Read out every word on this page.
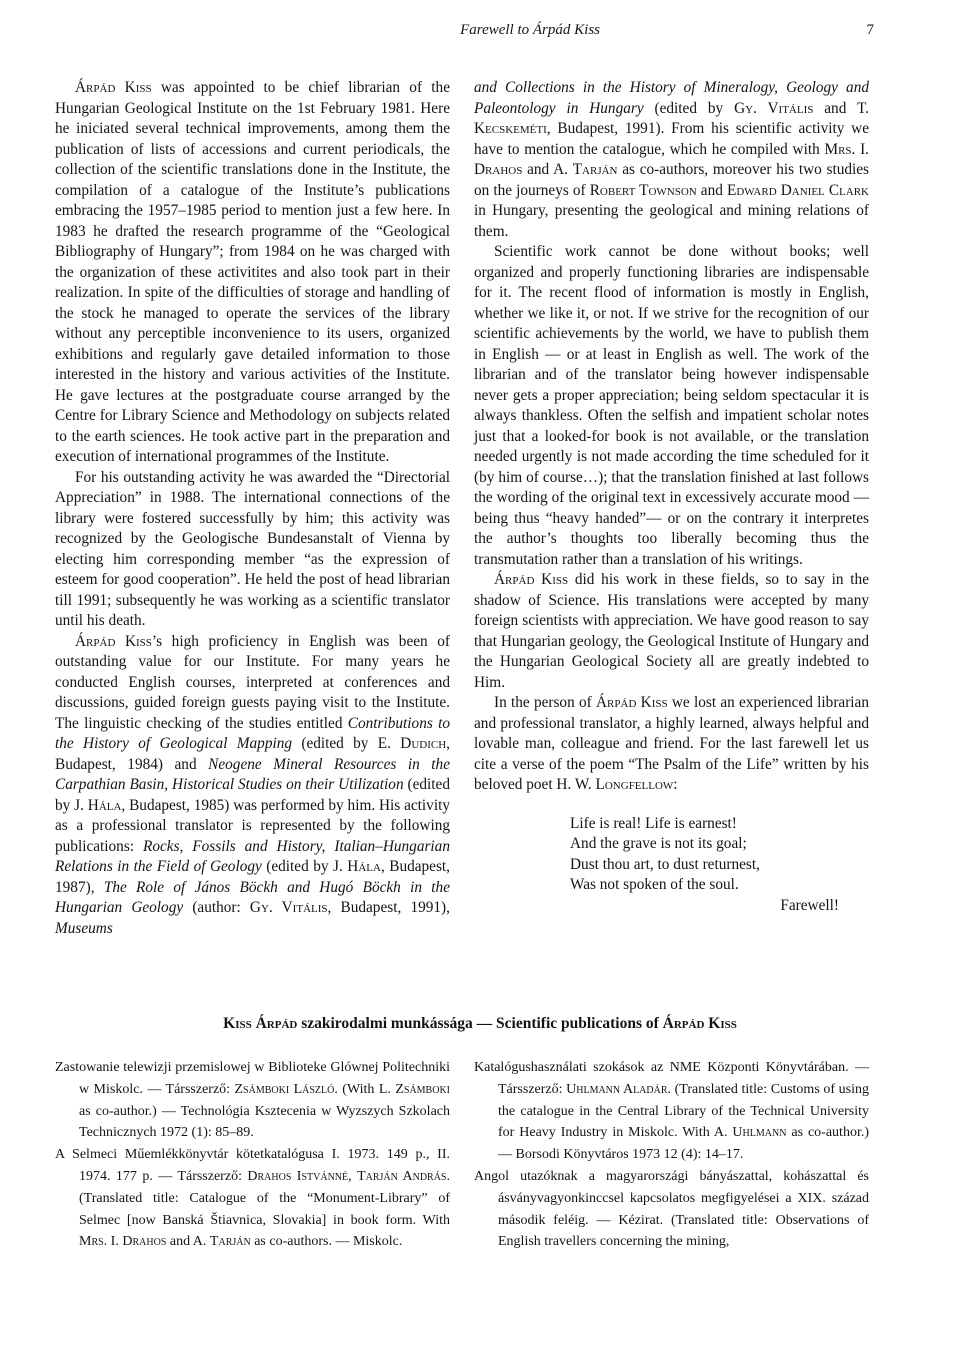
Farewell to Árpád Kiss	7

Árpád Kiss was appointed to be chief librarian of the Hungarian Geological Institute on the 1st February 1981. Here he iniciated several technical improvements, among them the publication of lists of accessions and current periodicals, the collection of the scientific translations done in the Institute, the compilation of a catalogue of the Institute’s publications embracing the 1957–1985 period to mention just a few here. In 1983 he drafted the research programme of the “Geological Bibliography of Hungary”; from 1984 on he was charged with the organization of these activitites and also took part in their realization. In spite of the difficulties of storage and handling of the stock he managed to operate the services of the library without any perceptible inconvenience to its users, organized exhibitions and regularly gave detailed information to those interested in the history and various activities of the Institute. He gave lectures at the postgraduate course arranged by the Centre for Library Science and Methodology on subjects related to the earth sciences. He took active part in the preparation and execution of international programmes of the Institute.

For his outstanding activity he was awarded the “Directorial Appreciation” in 1988. The international connections of the library were fostered successfully by him; this activity was recognized by the Geologische Bundesanstalt of Vienna by electing him corresponding member “as the expression of esteem for good cooperation”. He held the post of head librarian till 1991; subsequently he was working as a scientific translator until his death.

Árpád Kiss’s high proficiency in English was been of outstanding value for our Institute. For many years he conducted English courses, interpreted at conferences and discussions, guided foreign guests paying visit to the Institute. The linguistic checking of the studies entitled Contributions to the History of Geological Mapping (edited by E. Dudich, Budapest, 1984) and Neogene Mineral Resources in the Carpathian Basin, Historical Studies on their Utilization (edited by J. Hála, Budapest, 1985) was performed by him. His activity as a professional translator is represented by the following publications: Rocks, Fossils and History, Italian–Hungarian Relations in the Field of Geology (edited by J. Hála, Budapest, 1987), The Role of János Böckh and Hugó Böckh in the Hungarian Geology (author: Gy. Vitális, Budapest, 1991), Museums

and Collections in the History of Mineralogy, Geology and Paleontology in Hungary (edited by Gy. Vitális and T. Kecskeméti, Budapest, 1991). From his scientific activity we have to mention the catalogue, which he compiled with Mrs. I. Drahos and A. Tarján as co-authors, moreover his two studies on the journeys of Robert Townson and Edward Daniel Clark in Hungary, presenting the geological and mining relations of them.

Scientific work cannot be done without books; well organized and properly functioning libraries are indispensable for it. The recent flood of information is mostly in English, whether we like it, or not. If we strive for the recognition of our scientific achievements by the world, we have to publish them in English — or at least in English as well. The work of the librarian and of the translator being however indispensable never gets a proper appreciation; being seldom spectacular it is always thankless. Often the selfish and impatient scholar notes just that a looked-for book is not available, or the translation needed urgently is not made according the time scheduled for it (by him of course…); that the translation finished at last follows the wording of the original text in excessively accurate mood —being thus “heavy handed”— or on the contrary it interpretes the author’s thoughts too liberally becoming thus the transmutation rather than a translation of his writings.

Árpád Kiss did his work in these fields, so to say in the shadow of Science. His translations were accepted by many foreign scientists with appreciation. We have good reason to say that Hungarian geology, the Geological Institute of Hungary and the Hungarian Geological Society all are greatly indebted to Him.

In the person of Árpád Kiss we lost an experienced librarian and professional translator, a highly learned, always helpful and lovable man, colleague and friend. For the last farewell let us cite a verse of the poem “The Psalm of the Life” written by his beloved poet H. W. Longfellow:

Life is real! Life is earnest!
And the grave is not its goal;
Dust thou art, to dust returnest,
Was not spoken of the soul.
Farewell!
Kiss Árpád szakirodalmi munkássága — Scientific publications of Árpád Kiss

Zastowanie telewizji przemislowej w Biblioteke Glównej Politechniki w Miskolc. — Társszerző: Zsámboki László. (With L. Zsámboki as co-author.) — Technológia Ksztecenia w Wyzszych Szkolach Technicznych 1972 (1): 85–89.

A Selmeci Műemlékkönyvtár kötetkatalógusa I. 1973. 149 p., II. 1974. 177 p. — Társszerző: Drahos Istvánné, Tarján András. (Translated title: Catalogue of the “Monument-Library” of Selmec [now Banská Štiavnica, Slovakia] in book form. With Mrs. I. Drahos and A. Tarján as co-authors. — Miskolc.

Katalógushasználati szokások az NME Központi Könyvtárában. — Társszerző: Uhlmann Aladár. (Translated title: Customs of using the catalogue in the Central Library of the Technical University for Heavy Industry in Miskolc. With A. Uhlmann as co-author.) — Borsodi Könyvtáros 1973 12 (4): 14–17.

Angol utazóknak a magyarországi bányászattal, kohászattal és ásványvagyonkinccsel kapcsolatos megfigyelései a XIX. század második feléig. — Kézirat. (Translated title: Observations of English travellers concerning the mining,
